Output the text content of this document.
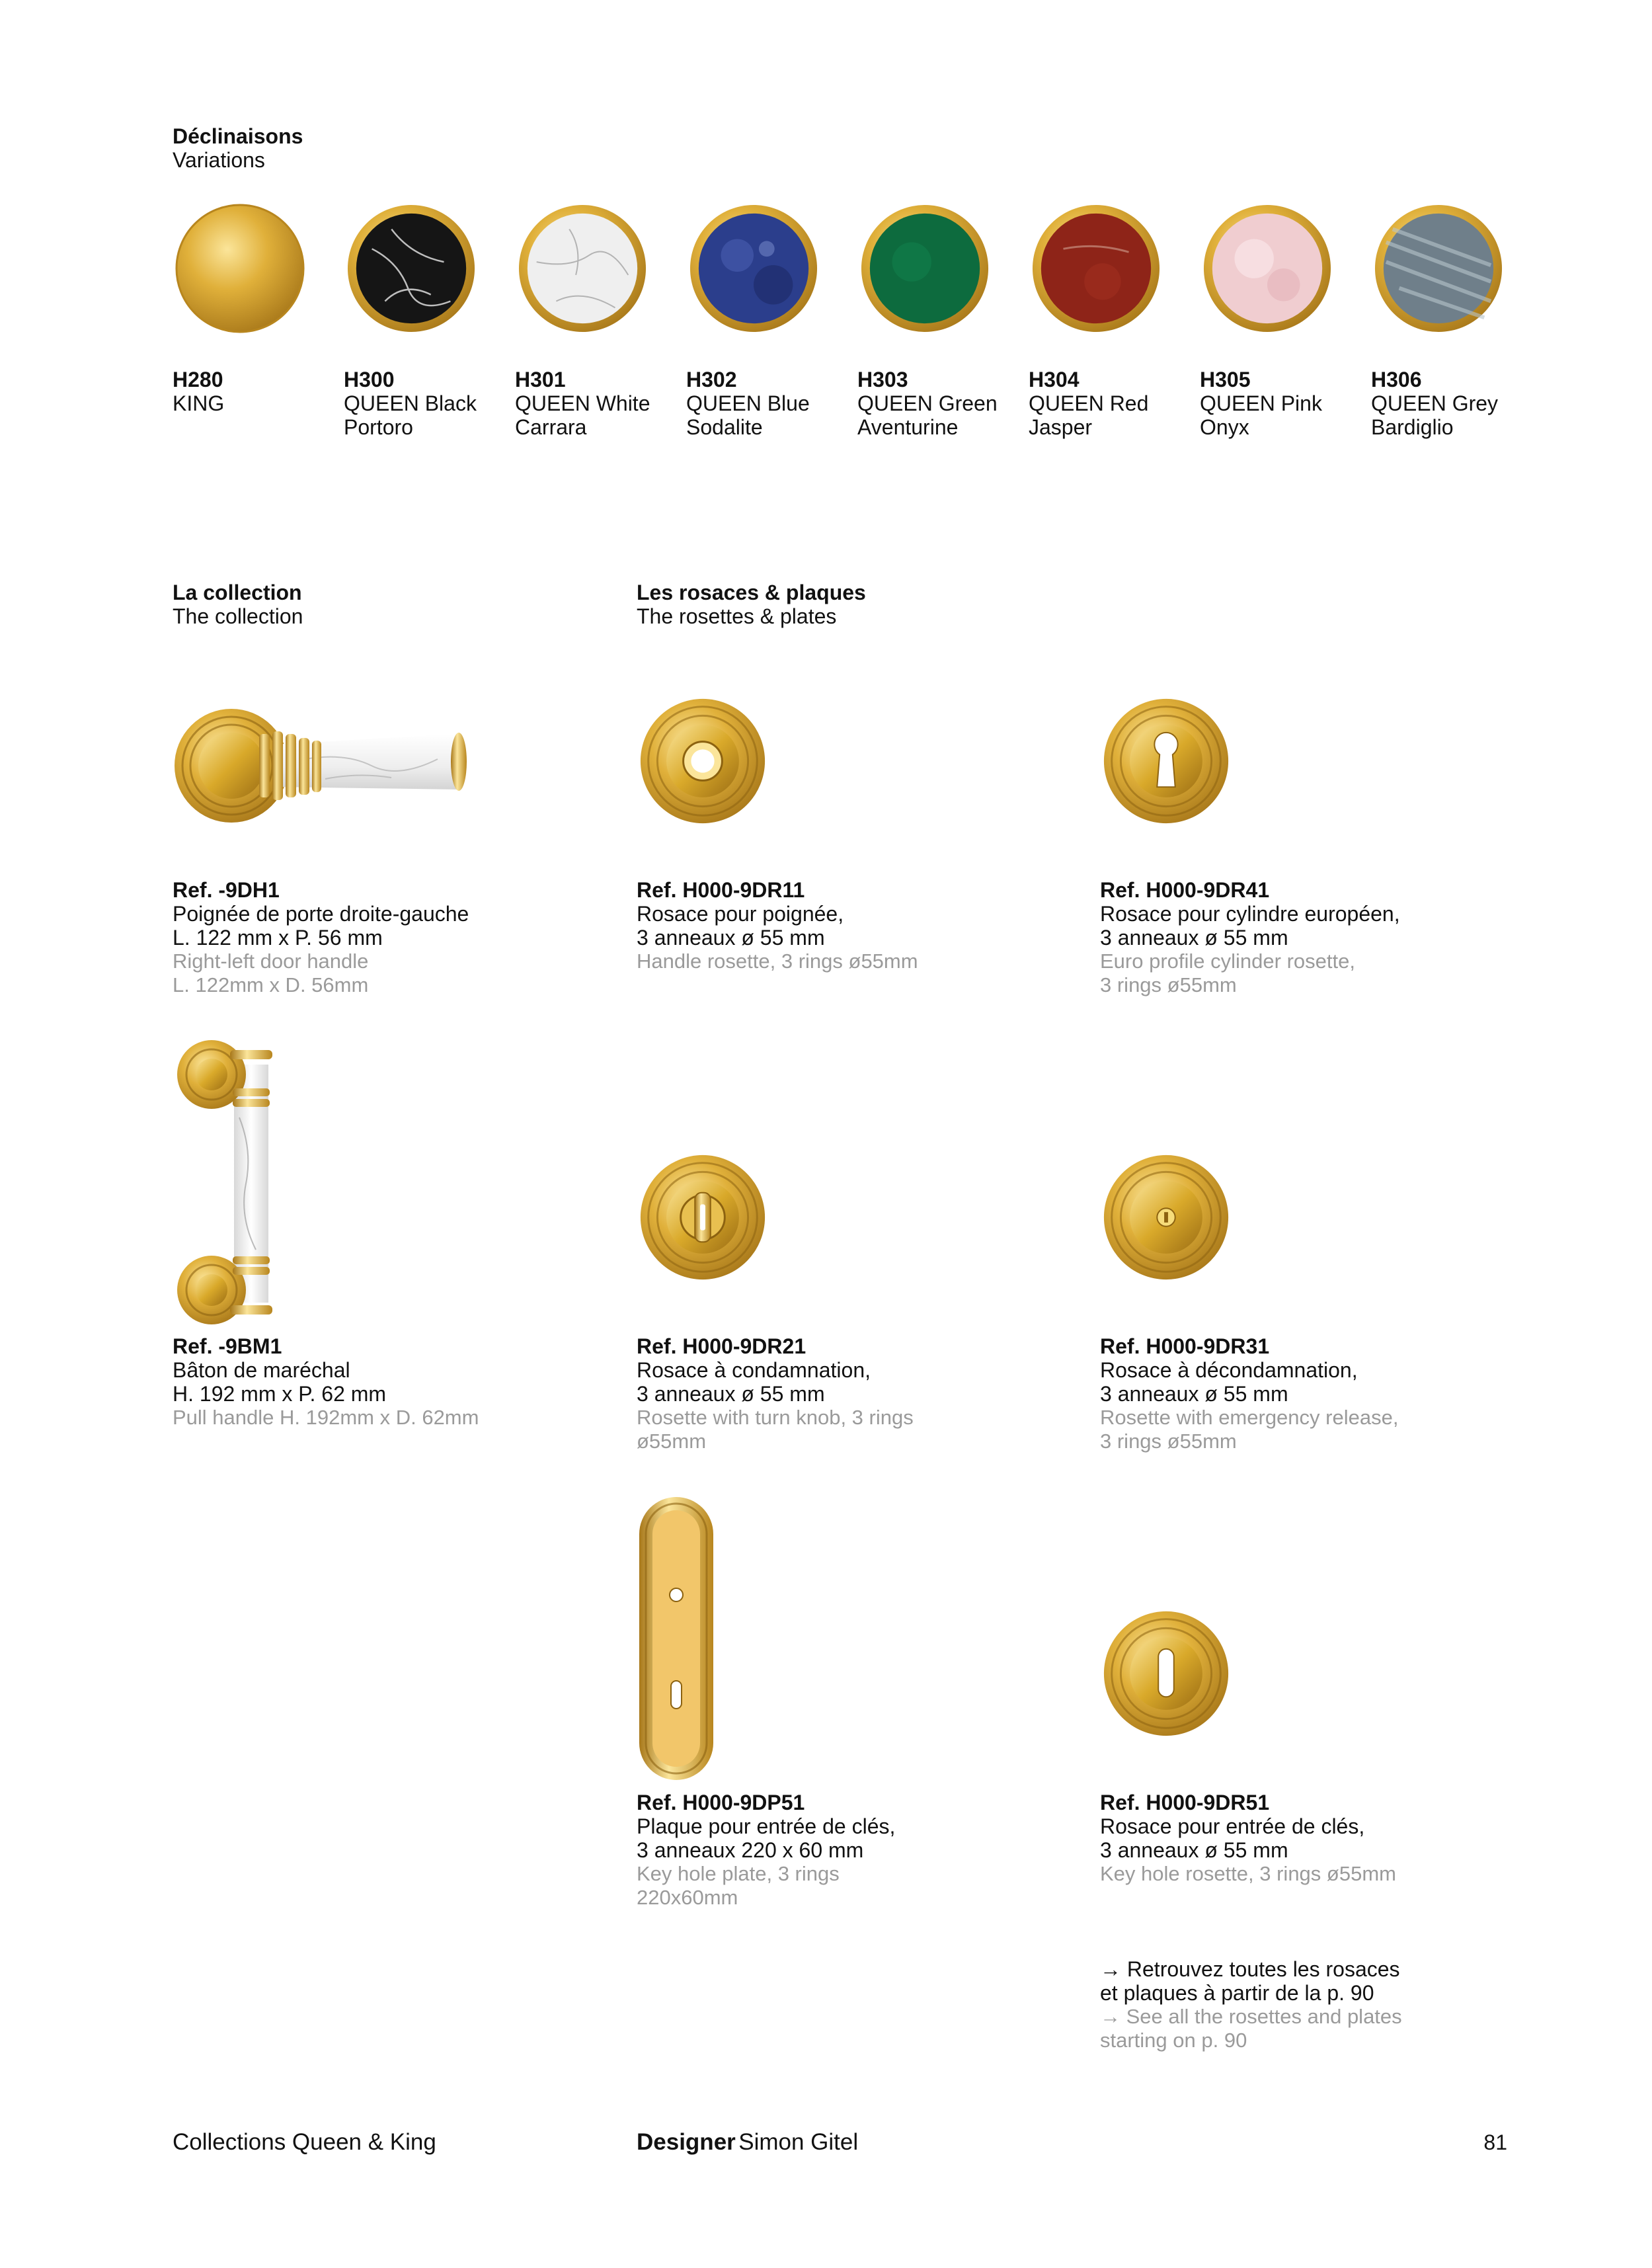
Déclinaisons
Variations
H280
KING
H300
QUEEN Black
Portoro
H301
QUEEN White
Carrara
H302
QUEEN Blue
Sodalite
H303
QUEEN Green
Aventurine
H304
QUEEN Red
Jasper
H305
QUEEN Pink
Onyx
H306
QUEEN Grey
Bardiglio
La collection
The collection
Les rosaces & plaques
The rosettes & plates
Ref. -9DH1
Poignée de porte droite-gauche
L. 122 mm x P. 56 mm
Right-left door handle
L. 122mm x D. 56mm
Ref. -9BM1
Bâton de maréchal
H. 192 mm x P. 62 mm
Pull handle H. 192mm x D. 62mm
Ref. H000-9DR11
Rosace pour poignée,
3 anneaux ø 55 mm
Handle rosette, 3 rings ø55mm
Ref. H000-9DR41
Rosace pour cylindre européen,
3 anneaux ø 55 mm
Euro profile cylinder rosette,
3 rings ø55mm
Ref. H000-9DR21
Rosace à condamnation,
3 anneaux ø 55 mm
Rosette with turn knob, 3 rings
ø55mm
Ref. H000-9DR31
Rosace à décondamnation,
3 anneaux ø 55 mm
Rosette with emergency release,
3 rings ø55mm
Ref. H000-9DP51
Plaque pour entrée de clés,
3 anneaux 220 x 60 mm
Key hole plate, 3 rings
220x60mm
Ref. H000-9DR51
Rosace pour entrée de clés,
3 anneaux ø 55 mm
Key hole rosette, 3 rings ø55mm
→ Retrouvez toutes les rosaces
et plaques à partir de la p. 90
→ See all the rosettes and plates
starting on p. 90
Collections Queen & King	Designer Simon Gitel	81
